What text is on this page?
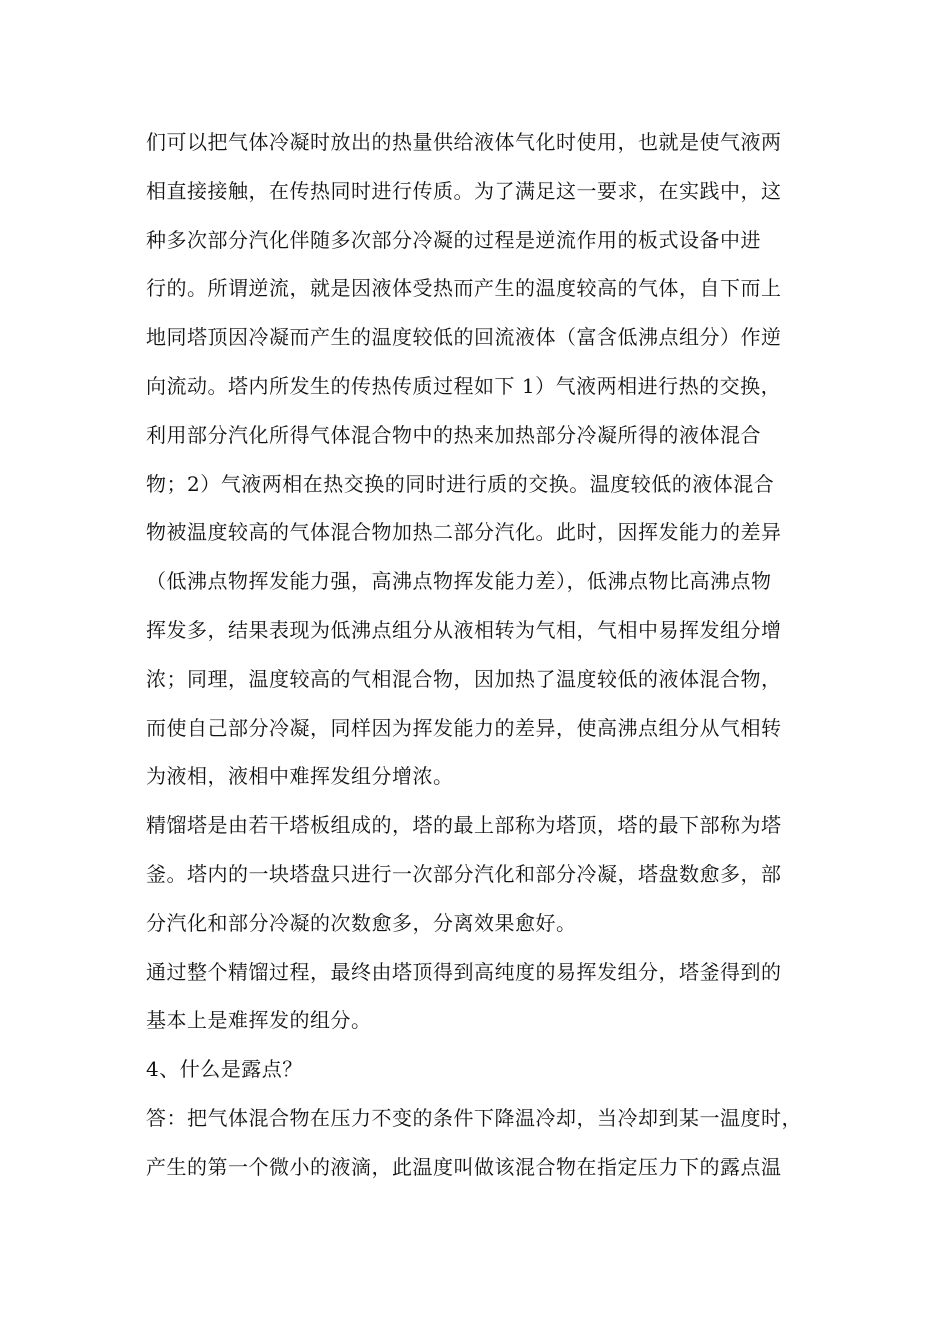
们可以把气体冷凝时放出的热量供给液体气化时使用，也就是使气液两
相直接接触，在传热同时进行传质。为了满足这一要求，在实践中，这
种多次部分汽化伴随多次部分冷凝的过程是逆流作用的板式设备中进
行的。所谓逆流，就是因液体受热而产生的温度较高的气体，自下而上
地同塔顶因冷凝而产生的温度较低的回流液体（富含低沸点组分）作逆
向流动。塔内所发生的传热传质过程如下 1）气液两相进行热的交换，
利用部分汽化所得气体混合物中的热来加热部分冷凝所得的液体混合
物；2）气液两相在热交换的同时进行质的交换。温度较低的液体混合
物被温度较高的气体混合物加热二部分汽化。此时，因挥发能力的差异
（低沸点物挥发能力强，高沸点物挥发能力差），低沸点物比高沸点物
挥发多，结果表现为低沸点组分从液相转为气相，气相中易挥发组分增
浓；同理，温度较高的气相混合物，因加热了温度较低的液体混合物，
而使自己部分冷凝，同样因为挥发能力的差异，使高沸点组分从气相转
为液相，液相中难挥发组分增浓。

精馏塔是由若干塔板组成的，塔的最上部称为塔顶，塔的最下部称为塔
釜。塔内的一块塔盘只进行一次部分汽化和部分冷凝，塔盘数愈多，部
分汽化和部分冷凝的次数愈多，分离效果愈好。

通过整个精馏过程，最终由塔顶得到高纯度的易挥发组分，塔釜得到的
基本上是难挥发的组分。

4、什么是露点？

答：把气体混合物在压力不变的条件下降温冷却，当冷却到某一温度时，
产生的第一个微小的液滴，此温度叫做该混合物在指定压力下的露点温
